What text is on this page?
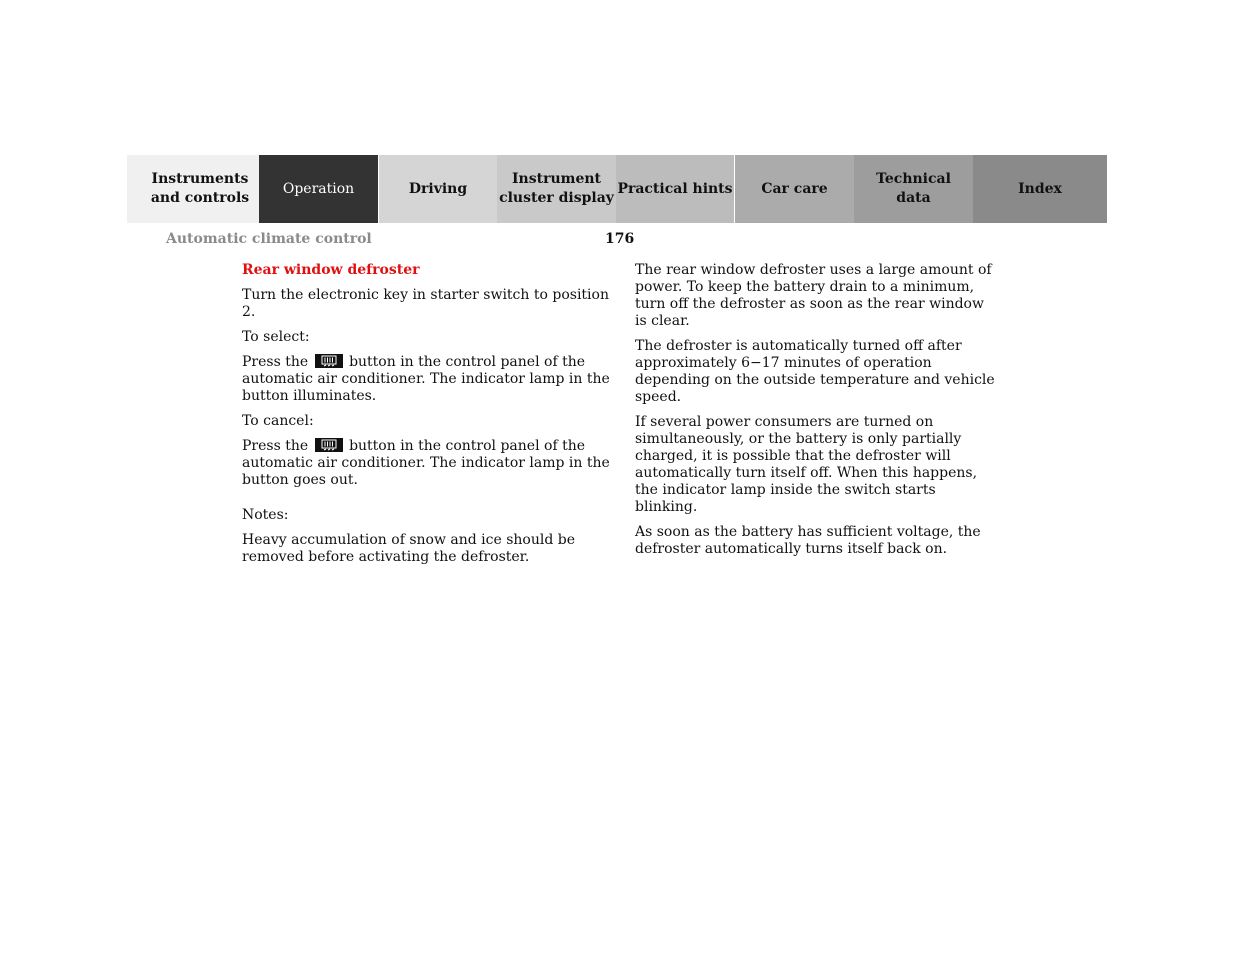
Instruments
and controls
Operation	Driving
Instrument
cluster display
Practical hints Car care
Technical
data
Index
Automatic climate control	176

Rear window defroster

Turn the electronic key in starter switch to position 2.

To select:

Press the	button in the control panel of the automatic air conditioner. The indicator lamp in the button illuminates.

To cancel:

Press the	button in the control panel of the automatic air conditioner. The indicator lamp in the button goes out.

Notes:

Heavy accumulation of snow and ice should be removed before activating the defroster.

The rear window defroster uses a large amount of power. To keep the battery drain to a minimum, turn off the defroster as soon as the rear window is clear.

The defroster is automatically turned off after approximately 6−17 minutes of operation depending on the outside temperature and vehicle speed.

If several power consumers are turned on simultaneously, or the battery is only partially charged, it is possible that the defroster will automatically turn itself off. When this happens, the indicator lamp inside the switch starts blinking.

As soon as the battery has sufficient voltage, the defroster automatically turns itself back on.
